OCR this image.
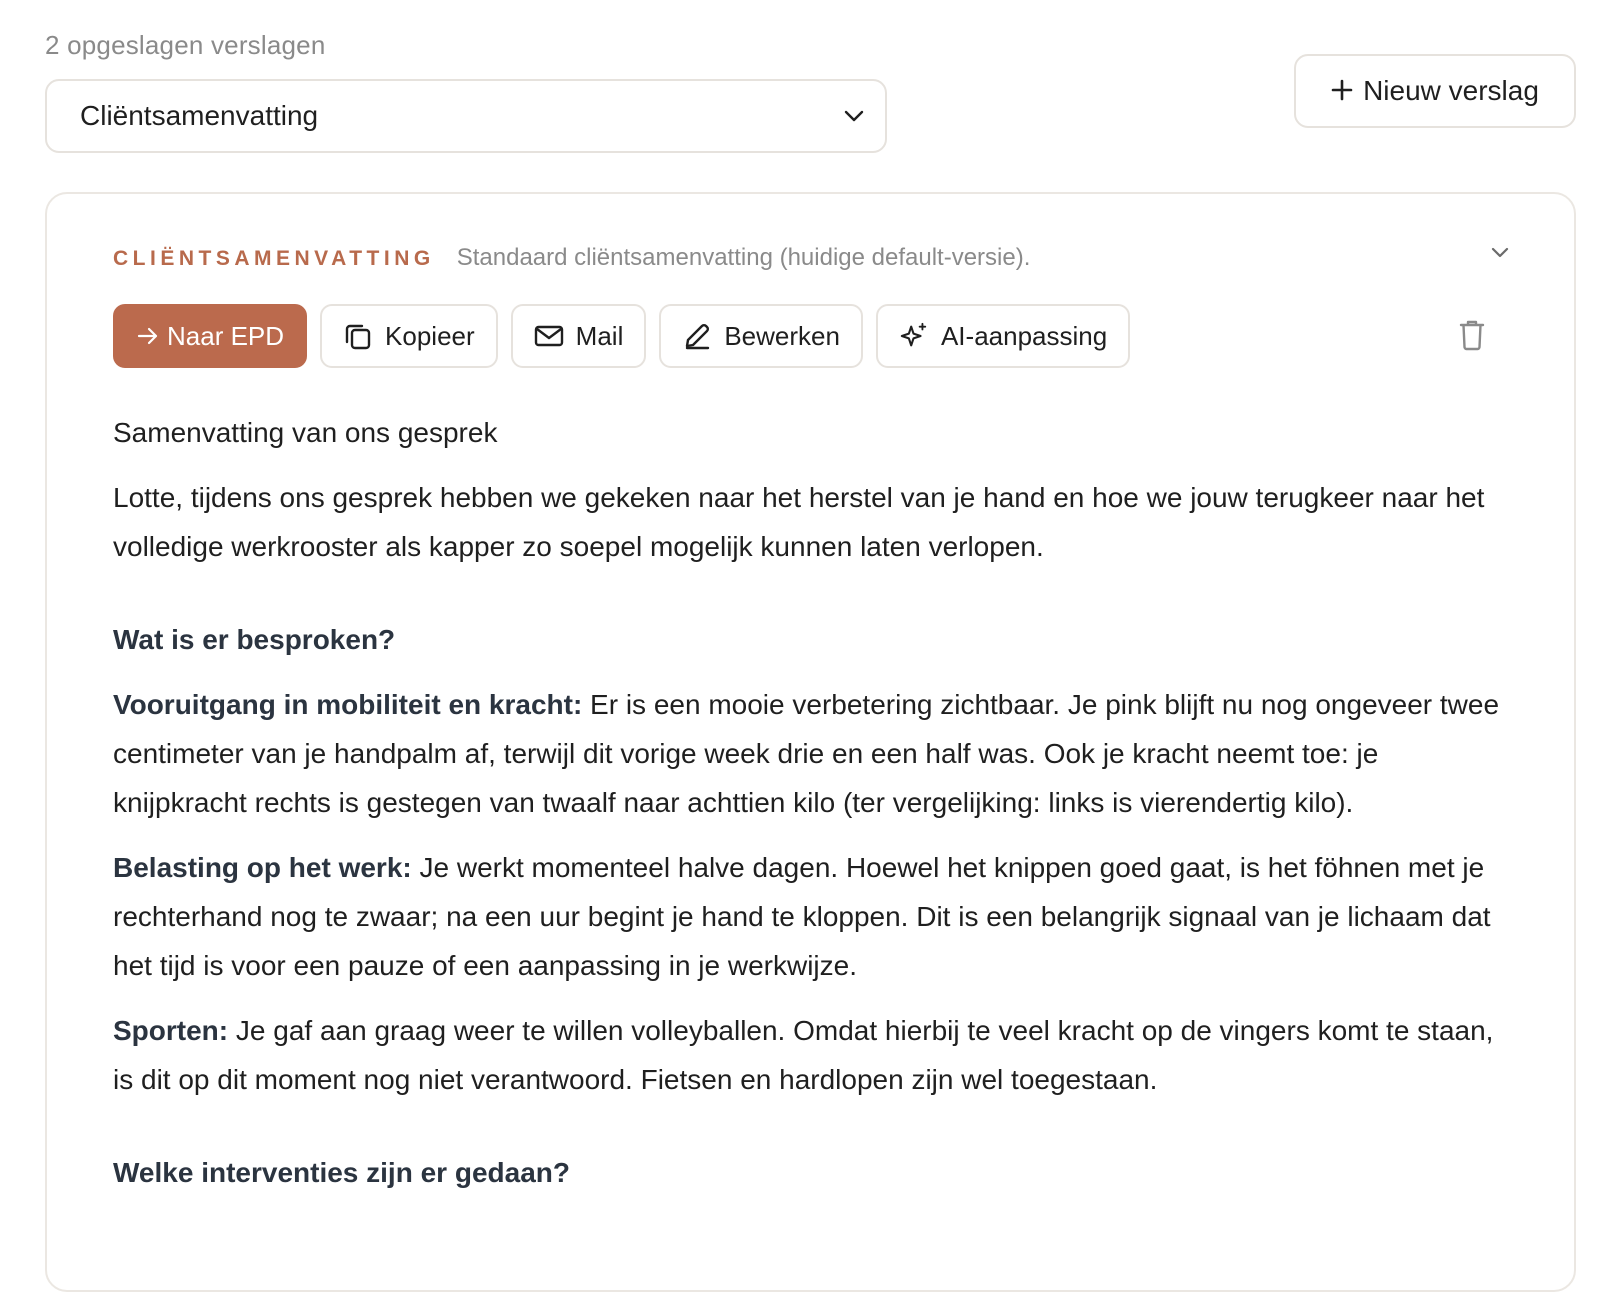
2 opgeslagen verslagen
Cliëntsamenvatting
Nieuw verslag
CLIËNTSAMENVATTING Standaard cliëntsamenvatting (huidige default-versie).
Naar EPD	Kopieer	Mail	Bewerken	AI-aanpassing

Samenvatting van ons gesprek

Lotte, tijdens ons gesprek hebben we gekeken naar het herstel van je hand en hoe we jouw terugkeer naar het volledige werkrooster als kapper zo soepel mogelijk kunnen laten verlopen.

Wat is er besproken?

Vooruitgang in mobiliteit en kracht: Er is een mooie verbetering zichtbaar. Je pink blijft nu nog ongeveer twee centimeter van je handpalm af, terwijl dit vorige week drie en een half was. Ook je kracht neemt toe: je knijpkracht rechts is gestegen van twaalf naar achttien kilo (ter vergelijking: links is vierendertig kilo).

Belasting op het werk: Je werkt momenteel halve dagen. Hoewel het knippen goed gaat, is het föhnen met je rechterhand nog te zwaar; na een uur begint je hand te kloppen. Dit is een belangrijk signaal van je lichaam dat het tijd is voor een pauze of een aanpassing in je werkwijze.

Sporten: Je gaf aan graag weer te willen volleyballen. Omdat hierbij te veel kracht op de vingers komt te staan, is dit op dit moment nog niet verantwoord. Fietsen en hardlopen zijn wel toegestaan.

Welke interventies zijn er gedaan?
